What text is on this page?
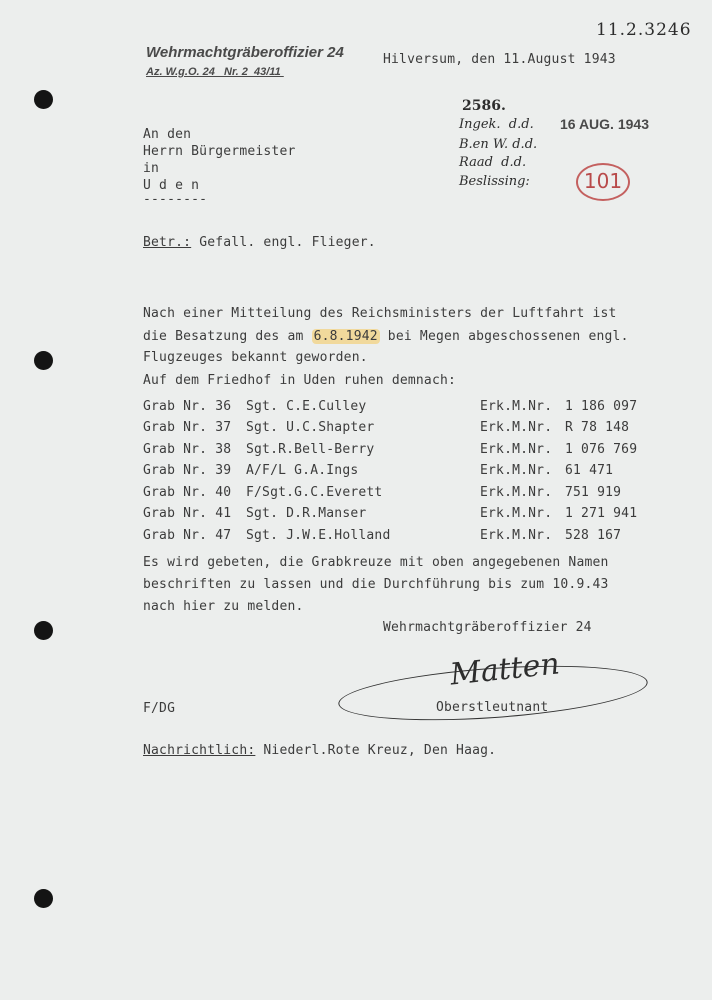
11.2.3246
Wehrmachtgräberoffizier 24
Az. W.g.O. 24   Nr. 2  43/11
Hilversum, den 11.August 1943
2586.
Ingek.  d.d. 16 AUG. 1943
B.en W. d.d.
Raad  d.d.
Beslissing:	101
An den
Herrn Bürgermeister
in
U d e n
--------
Betr.: Gefall. engl. Flieger.
Nach einer Mitteilung des Reichsministers der Luftfahrt ist
die Besatzung des am 6.8.1942 bei Megen abgeschossenen engl.
Flugzeuges bekannt geworden.
Auf dem Friedhof in Uden ruhen demnach:
Grab Nr. 36 Sgt. C.E.Culley	Erk.M.Nr. 1 186 097
Grab Nr. 37 Sgt. U.C.Shapter	Erk.M.Nr. R 78 148
Grab Nr. 38 Sgt.R.Bell-Berry	Erk.M.Nr. 1 076 769
Grab Nr. 39 A/F/L G.A.Ings	Erk.M.Nr. 61 471
Grab Nr. 40 F/Sgt.G.C.Everett	Erk.M.Nr. 751 919
Grab Nr. 41 Sgt. D.R.Manser	Erk.M.Nr. 1 271 941
Grab Nr. 47 Sgt. J.W.E.Holland	Erk.M.Nr. 528 167
Es wird gebeten, die Grabkreuze mit oben angegebenen Namen
beschriften zu lassen und die Durchführung bis zum 10.9.43
nach hier zu melden.
Wehrmachtgräberoffizier 24
Matten
Oberstleutnant
F/DG
Nachrichtlich: Niederl.Rote Kreuz, Den Haag.
